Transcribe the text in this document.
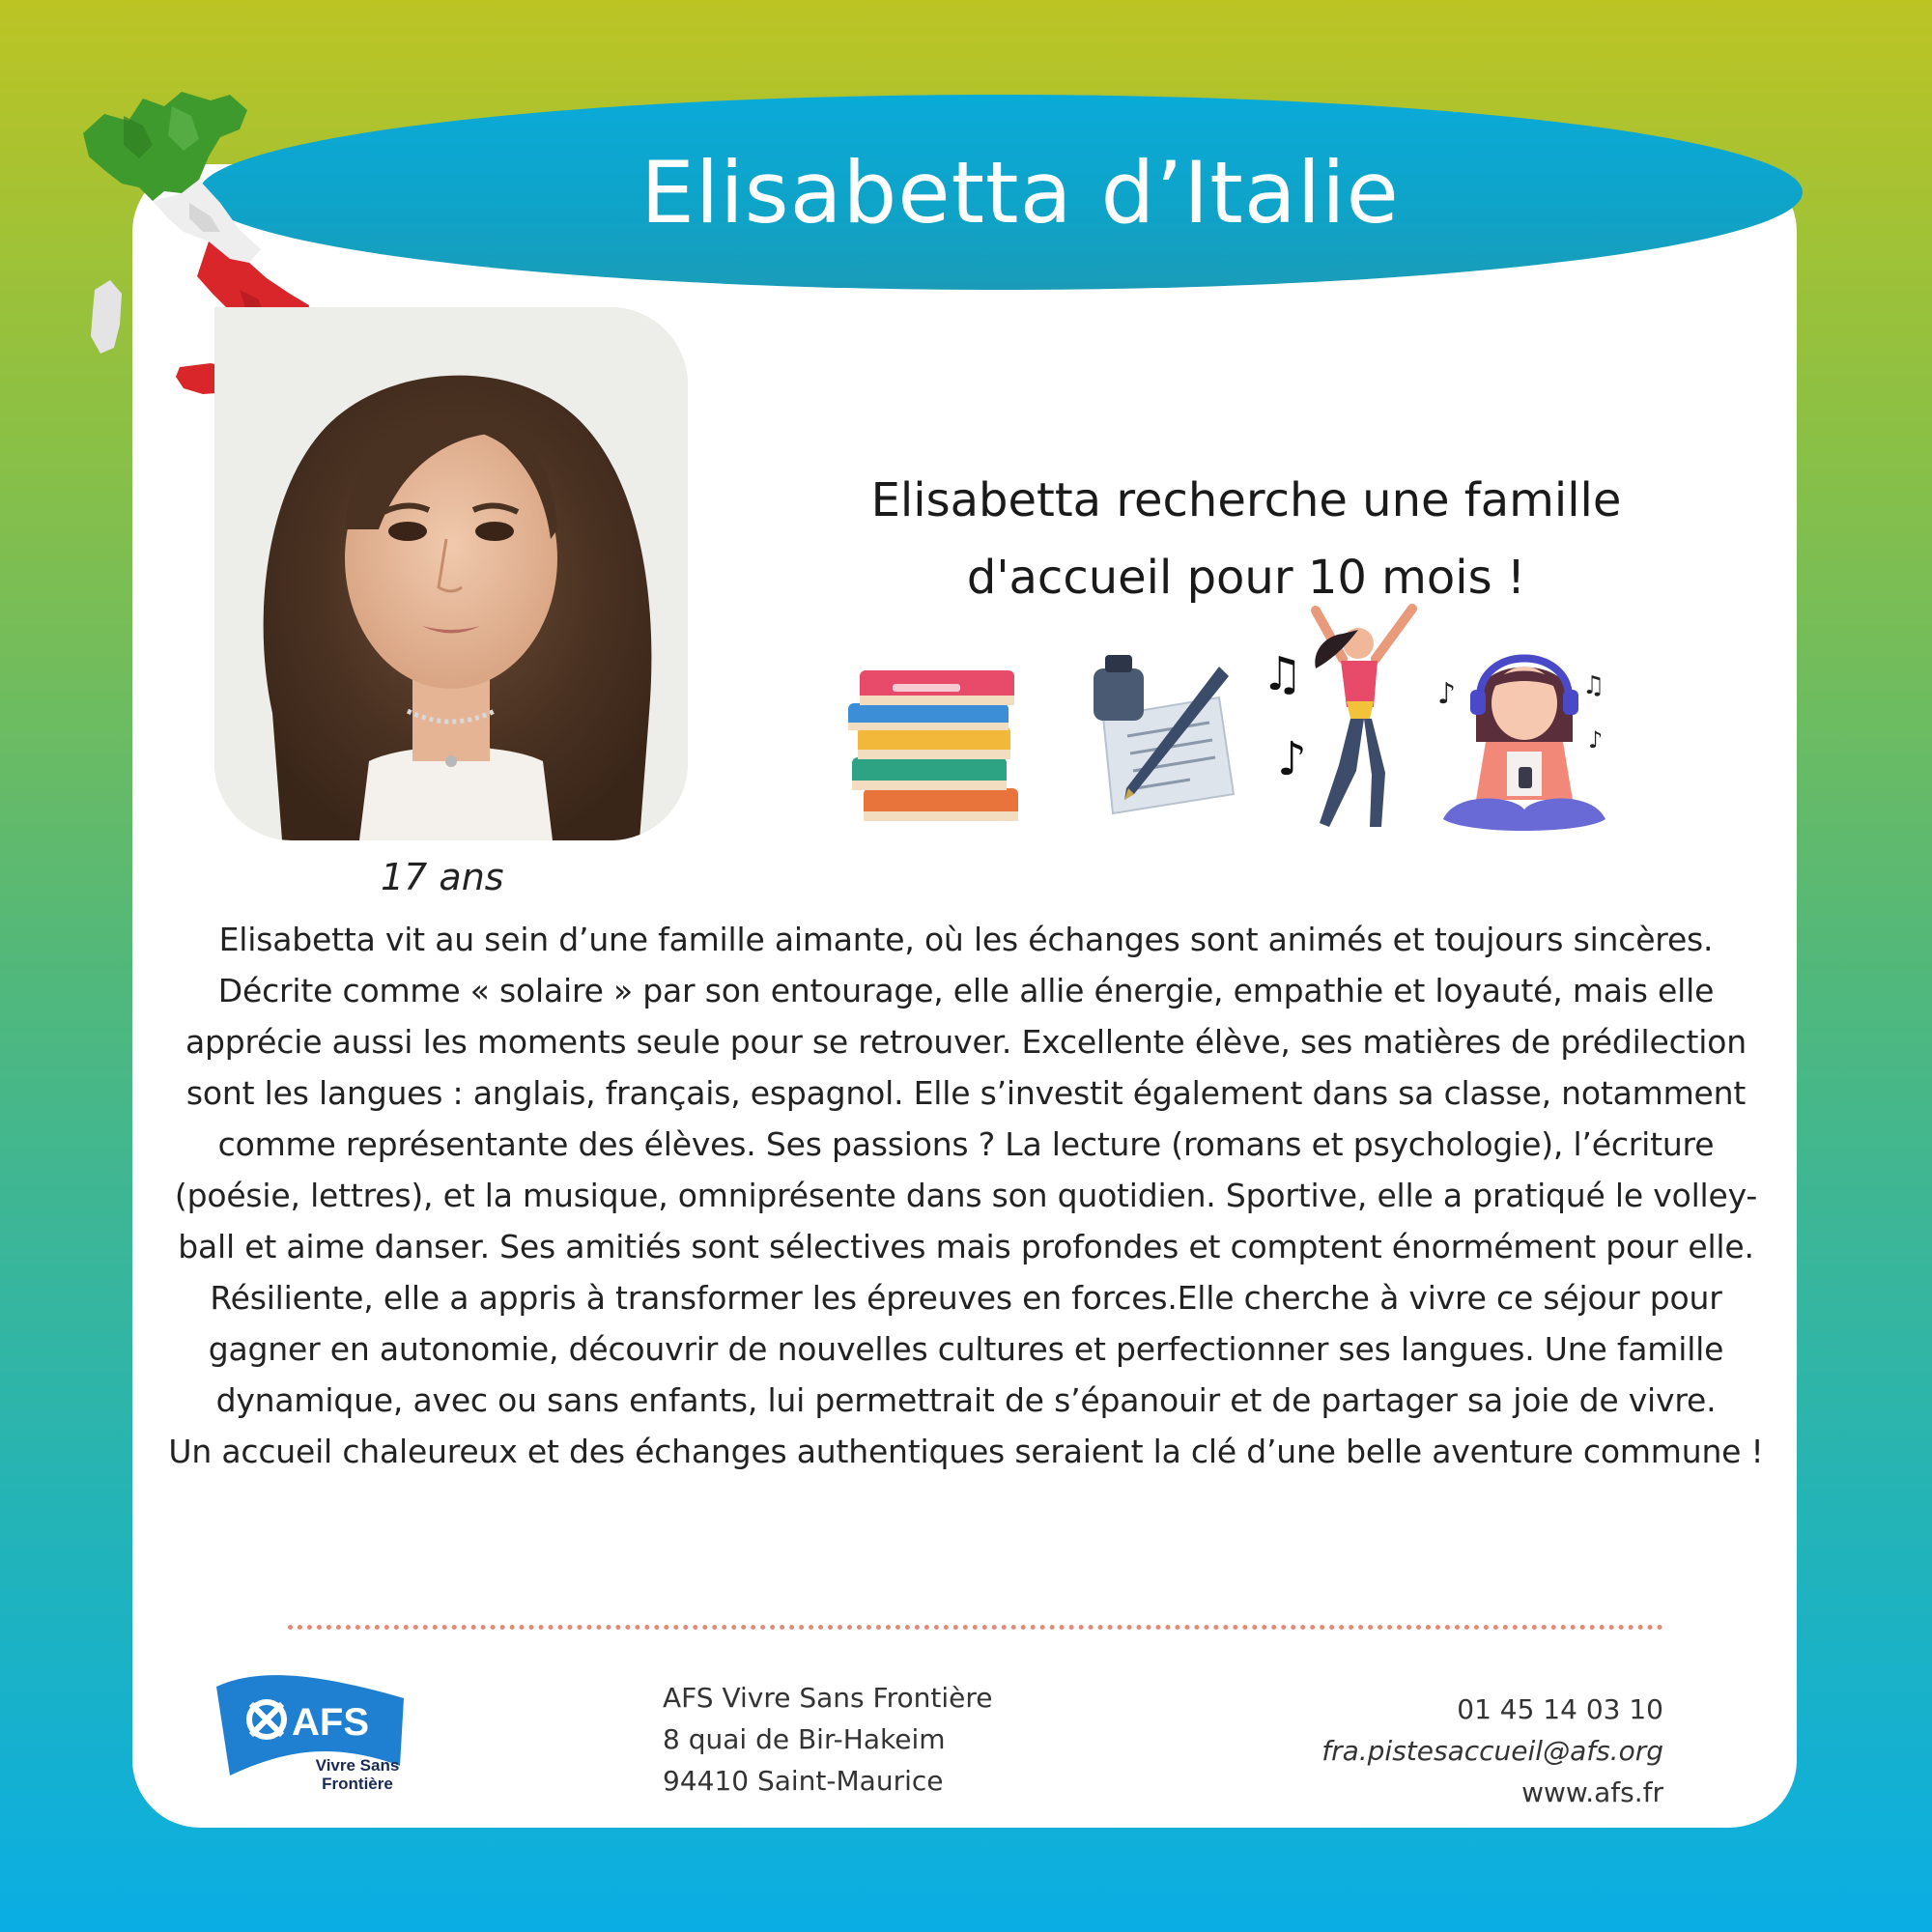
Elisabetta d’Italie
17 ans
Elisabetta recherche une famille
d'accueil pour 10 mois !
♫
♪
♪	♫
♪

Elisabetta vit au sein d’une famille aimante, où les échanges sont animés et toujours sincères. Décrite comme « solaire » par son entourage, elle allie énergie, empathie et loyauté, mais elle apprécie aussi les moments seule pour se retrouver. Excellente élève, ses matières de prédilection sont les langues : anglais, français, espagnol. Elle s’investit également dans sa classe, notamment comme représentante des élèves. Ses passions ? La lecture (romans et psychologie), l’écriture (poésie, lettres), et la musique, omniprésente dans son quotidien. Sportive, elle a pratiqué le volley-ball et aime danser. Ses amitiés sont sélectives mais profondes et comptent énormément pour elle. Résiliente, elle a appris à transformer les épreuves en forces.Elle cherche à vivre ce séjour pour gagner en autonomie, découvrir de nouvelles cultures et perfectionner ses langues. Une famille dynamique, avec ou sans enfants, lui permettrait de s’épanouir et de partager sa joie de vivre.

Un accueil chaleureux et des échanges authentiques seraient la clé d’une belle aventure commune !

AFS
Vivre Sans Frontière
AFS Vivre Sans Frontière
8 quai de Bir-Hakeim
94410 Saint-Maurice
01 45 14 03 10
fra.pistesaccueil@afs.org
www.afs.fr
